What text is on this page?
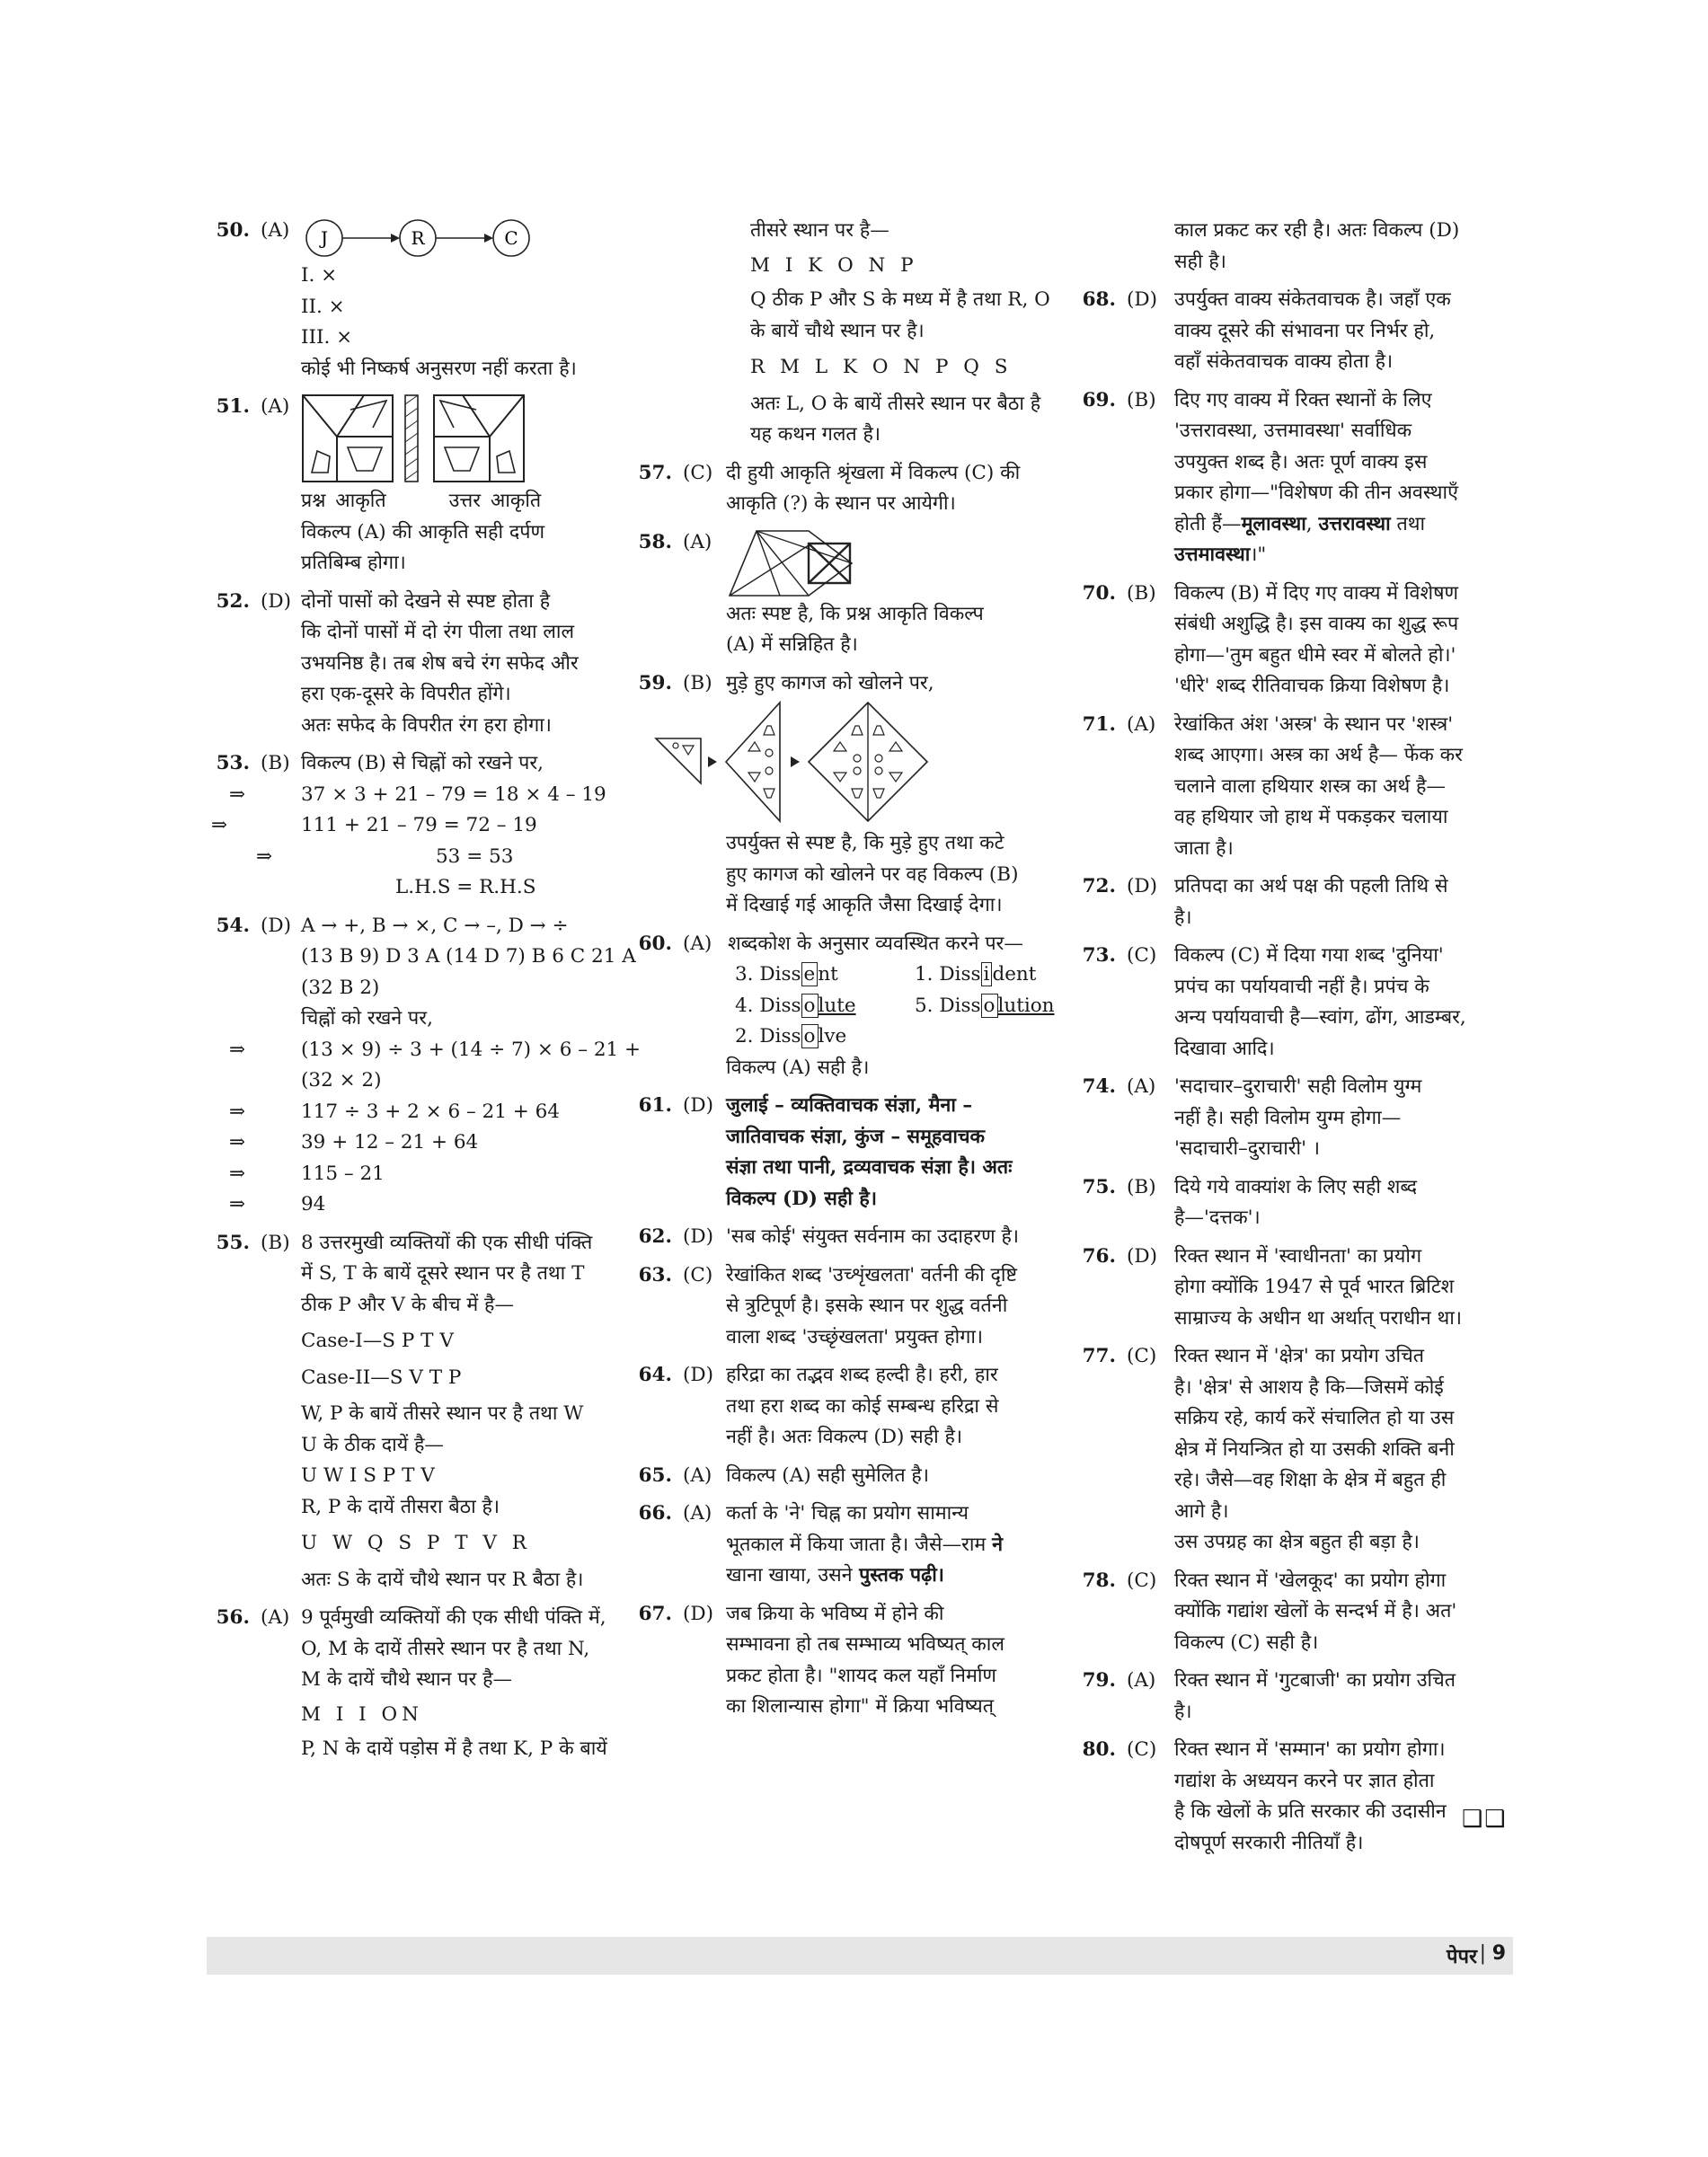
50. (A) J	R	C
I. ×
II. ×
III. ×
कोई भी निष्कर्ष अनुसरण नहीं करता है।
51. (A)
प्रश्न आकृति	उत्तर आकृति
विकल्प (A) की आकृति सही दर्पण
प्रतिबिम्ब होगा।
52. (D) दोनों पासों को देखने से स्पष्ट होता है
कि दोनों पासों में दो रंग पीला तथा लाल
उभयनिष्ठ है। तब शेष बचे रंग सफेद और
हरा एक-दूसरे के विपरीत होंगे।
अतः सफेद के विपरीत रंग हरा होगा।
53. (B) विकल्प (B) से चिह्नों को रखने पर,
⇒	37 × 3 + 21 – 79 = 18 × 4 – 19
⇒	111 + 21 – 79 = 72 – 19
⇒	53 = 53
L.H.S = R.H.S
54. (D) A → +, B → ×, C → –, D → ÷
(13 B 9) D 3 A (14 D 7) B 6 C 21 A
(32 B 2)
चिह्नों को रखने पर,
⇒	(13 × 9) ÷ 3 + (14 ÷ 7) × 6 – 21 +
(32 × 2)
⇒	117 ÷ 3 + 2 × 6 – 21 + 64
⇒	39 + 12 – 21 + 64
⇒	115 – 21
⇒	94
55. (B) 8 उत्तरमुखी व्यक्तियों की एक सीधी पंक्ति
में S, T के बायें दूसरे स्थान पर है तथा T
ठीक P और V के बीच में है—
Case-I—S P T V
Case-II—S V T P
W, P के बायें तीसरे स्थान पर है तथा W
U के ठीक दायें है—
U W I S P T V
R, P के दायें तीसरा बैठा है।
U W Q S P T V R
अतः S के दायें चौथे स्थान पर R बैठा है।
56. (A) 9 पूर्वमुखी व्यक्तियों की एक सीधी पंक्ति में,
O, M के दायें तीसरे स्थान पर है तथा N,
M के दायें चौथे स्थान पर है—
M I I ON
P, N के दायें पड़ोस में है तथा K, P के बायें
तीसरे स्थान पर है—
M I K O N P
Q ठीक P और S के मध्य में है तथा R, O
के बायें चौथे स्थान पर है।
R M L K O N P Q S
अतः L, O के बायें तीसरे स्थान पर बैठा है
यह कथन गलत है।
57. (C) दी हुयी आकृति श्रृंखला में विकल्प (C) की
आकृति (?) के स्थान पर आयेगी।
58. (A)
अतः स्पष्ट है, कि प्रश्न आकृति विकल्प
(A) में सन्निहित है।
59. (B) मुड़े हुए कागज को खोलने पर,
उपर्युक्त से स्पष्ट है, कि मुड़े हुए तथा कटे
हुए कागज को खोलने पर वह विकल्प (B)
में दिखाई गई आकृति जैसा दिखाई देगा।
60. (A) शब्दकोश के अनुसार व्यवस्थित करने पर—
3. Diss e nt	1. Diss i dent
4. Diss o lute	5. Diss o lution
2. Diss o lve
विकल्प (A) सही है।
61. (D) जुलाई – व्यक्तिवाचक संज्ञा, मैना –
जातिवाचक संज्ञा, कुंज – समूहवाचक
संज्ञा तथा पानी, द्रव्यवाचक संज्ञा है। अतः
विकल्प (D) सही है।
62. (D) 'सब कोई' संयुक्त सर्वनाम का उदाहरण है।
63. (C) रेखांकित शब्द 'उच्शृंखलता' वर्तनी की दृष्टि
से त्रुटिपूर्ण है। इसके स्थान पर शुद्ध वर्तनी
वाला शब्द 'उच्छृंखलता' प्रयुक्त होगा।
64. (D) हरिद्रा का तद्भव शब्द हल्दी है। हरी, हार
तथा हरा शब्द का कोई सम्बन्ध हरिद्रा से
नहीं है। अतः विकल्प (D) सही है।
65. (A) विकल्प (A) सही सुमेलित है।
66. (A) कर्ता के 'ने' चिह्न का प्रयोग सामान्य
भूतकाल में किया जाता है। जैसे—राम ने
खाना खाया, उसने पुस्तक पढ़ी।
67. (D) जब क्रिया के भविष्य में होने की
सम्भावना हो तब सम्भाव्य भविष्यत् काल
प्रकट होता है। "शायद कल यहाँ निर्माण
का शिलान्यास होगा" में क्रिया भविष्यत्
काल प्रकट कर रही है। अतः विकल्प (D)
सही है।
68. (D) उपर्युक्त वाक्य संकेतवाचक है। जहाँ एक
वाक्य दूसरे की संभावना पर निर्भर हो,
वहाँ संकेतवाचक वाक्य होता है।
69. (B) दिए गए वाक्य में रिक्त स्थानों के लिए
'उत्तरावस्था, उत्तमावस्था' सर्वाधिक
उपयुक्त शब्द है। अतः पूर्ण वाक्य इस
प्रकार होगा—"विशेषण की तीन अवस्थाएँ
होती हैं—मूलावस्था, उत्तरावस्था तथा
उत्तमावस्था।"
70. (B) विकल्प (B) में दिए गए वाक्य में विशेषण
संबंधी अशुद्धि है। इस वाक्य का शुद्ध रूप
होगा—'तुम बहुत धीमे स्वर में बोलते हो।'
'धीरे' शब्द रीतिवाचक क्रिया विशेषण है।
71. (A) रेखांकित अंश 'अस्त्र' के स्थान पर 'शस्त्र'
शब्द आएगा। अस्त्र का अर्थ है— फेंक कर
चलाने वाला हथियार शस्त्र का अर्थ है—
वह हथियार जो हाथ में पकड़कर चलाया
जाता है।
72. (D) प्रतिपदा का अर्थ पक्ष की पहली तिथि से
है।
73. (C) विकल्प (C) में दिया गया शब्द 'दुनिया'
प्रपंच का पर्यायवाची नहीं है। प्रपंच के
अन्य पर्यायवाची है—स्वांग, ढोंग, आडम्बर,
दिखावा आदि।
74. (A) 'सदाचार–दुराचारी' सही विलोम युग्म
नहीं है। सही विलोम युग्म होगा—
'सदाचारी–दुराचारी' ।
75. (B) दिये गये वाक्यांश के लिए सही शब्द
है—'दत्तक'।
76. (D) रिक्त स्थान में 'स्वाधीनता' का प्रयोग
होगा क्योंकि 1947 से पूर्व भारत ब्रिटिश
साम्राज्य के अधीन था अर्थात् पराधीन था।
77. (C) रिक्त स्थान में 'क्षेत्र' का प्रयोग उचित
है। 'क्षेत्र' से आशय है कि—जिसमें कोई
सक्रिय रहे, कार्य करें संचालित हो या उस
क्षेत्र में नियन्त्रित हो या उसकी शक्ति बनी
रहे। जैसे—वह शिक्षा के क्षेत्र में बहुत ही
आगे है।
उस उपग्रह का क्षेत्र बहुत ही बड़ा है।
78. (C) रिक्त स्थान में 'खेलकूद' का प्रयोग होगा
क्योंकि गद्यांश खेलों के सन्दर्भ में है। अत'
विकल्प (C) सही है।
79. (A) रिक्त स्थान में 'गुटबाजी' का प्रयोग उचित
है।
80. (C) रिक्त स्थान में 'सम्मान' का प्रयोग होगा।
गद्यांश के अध्ययन करने पर ज्ञात होता
है कि खेलों के प्रति सरकार की उदासीन
दोषपूर्ण सरकारी नीतियाँ है।
❑❑
पेपर | 9
